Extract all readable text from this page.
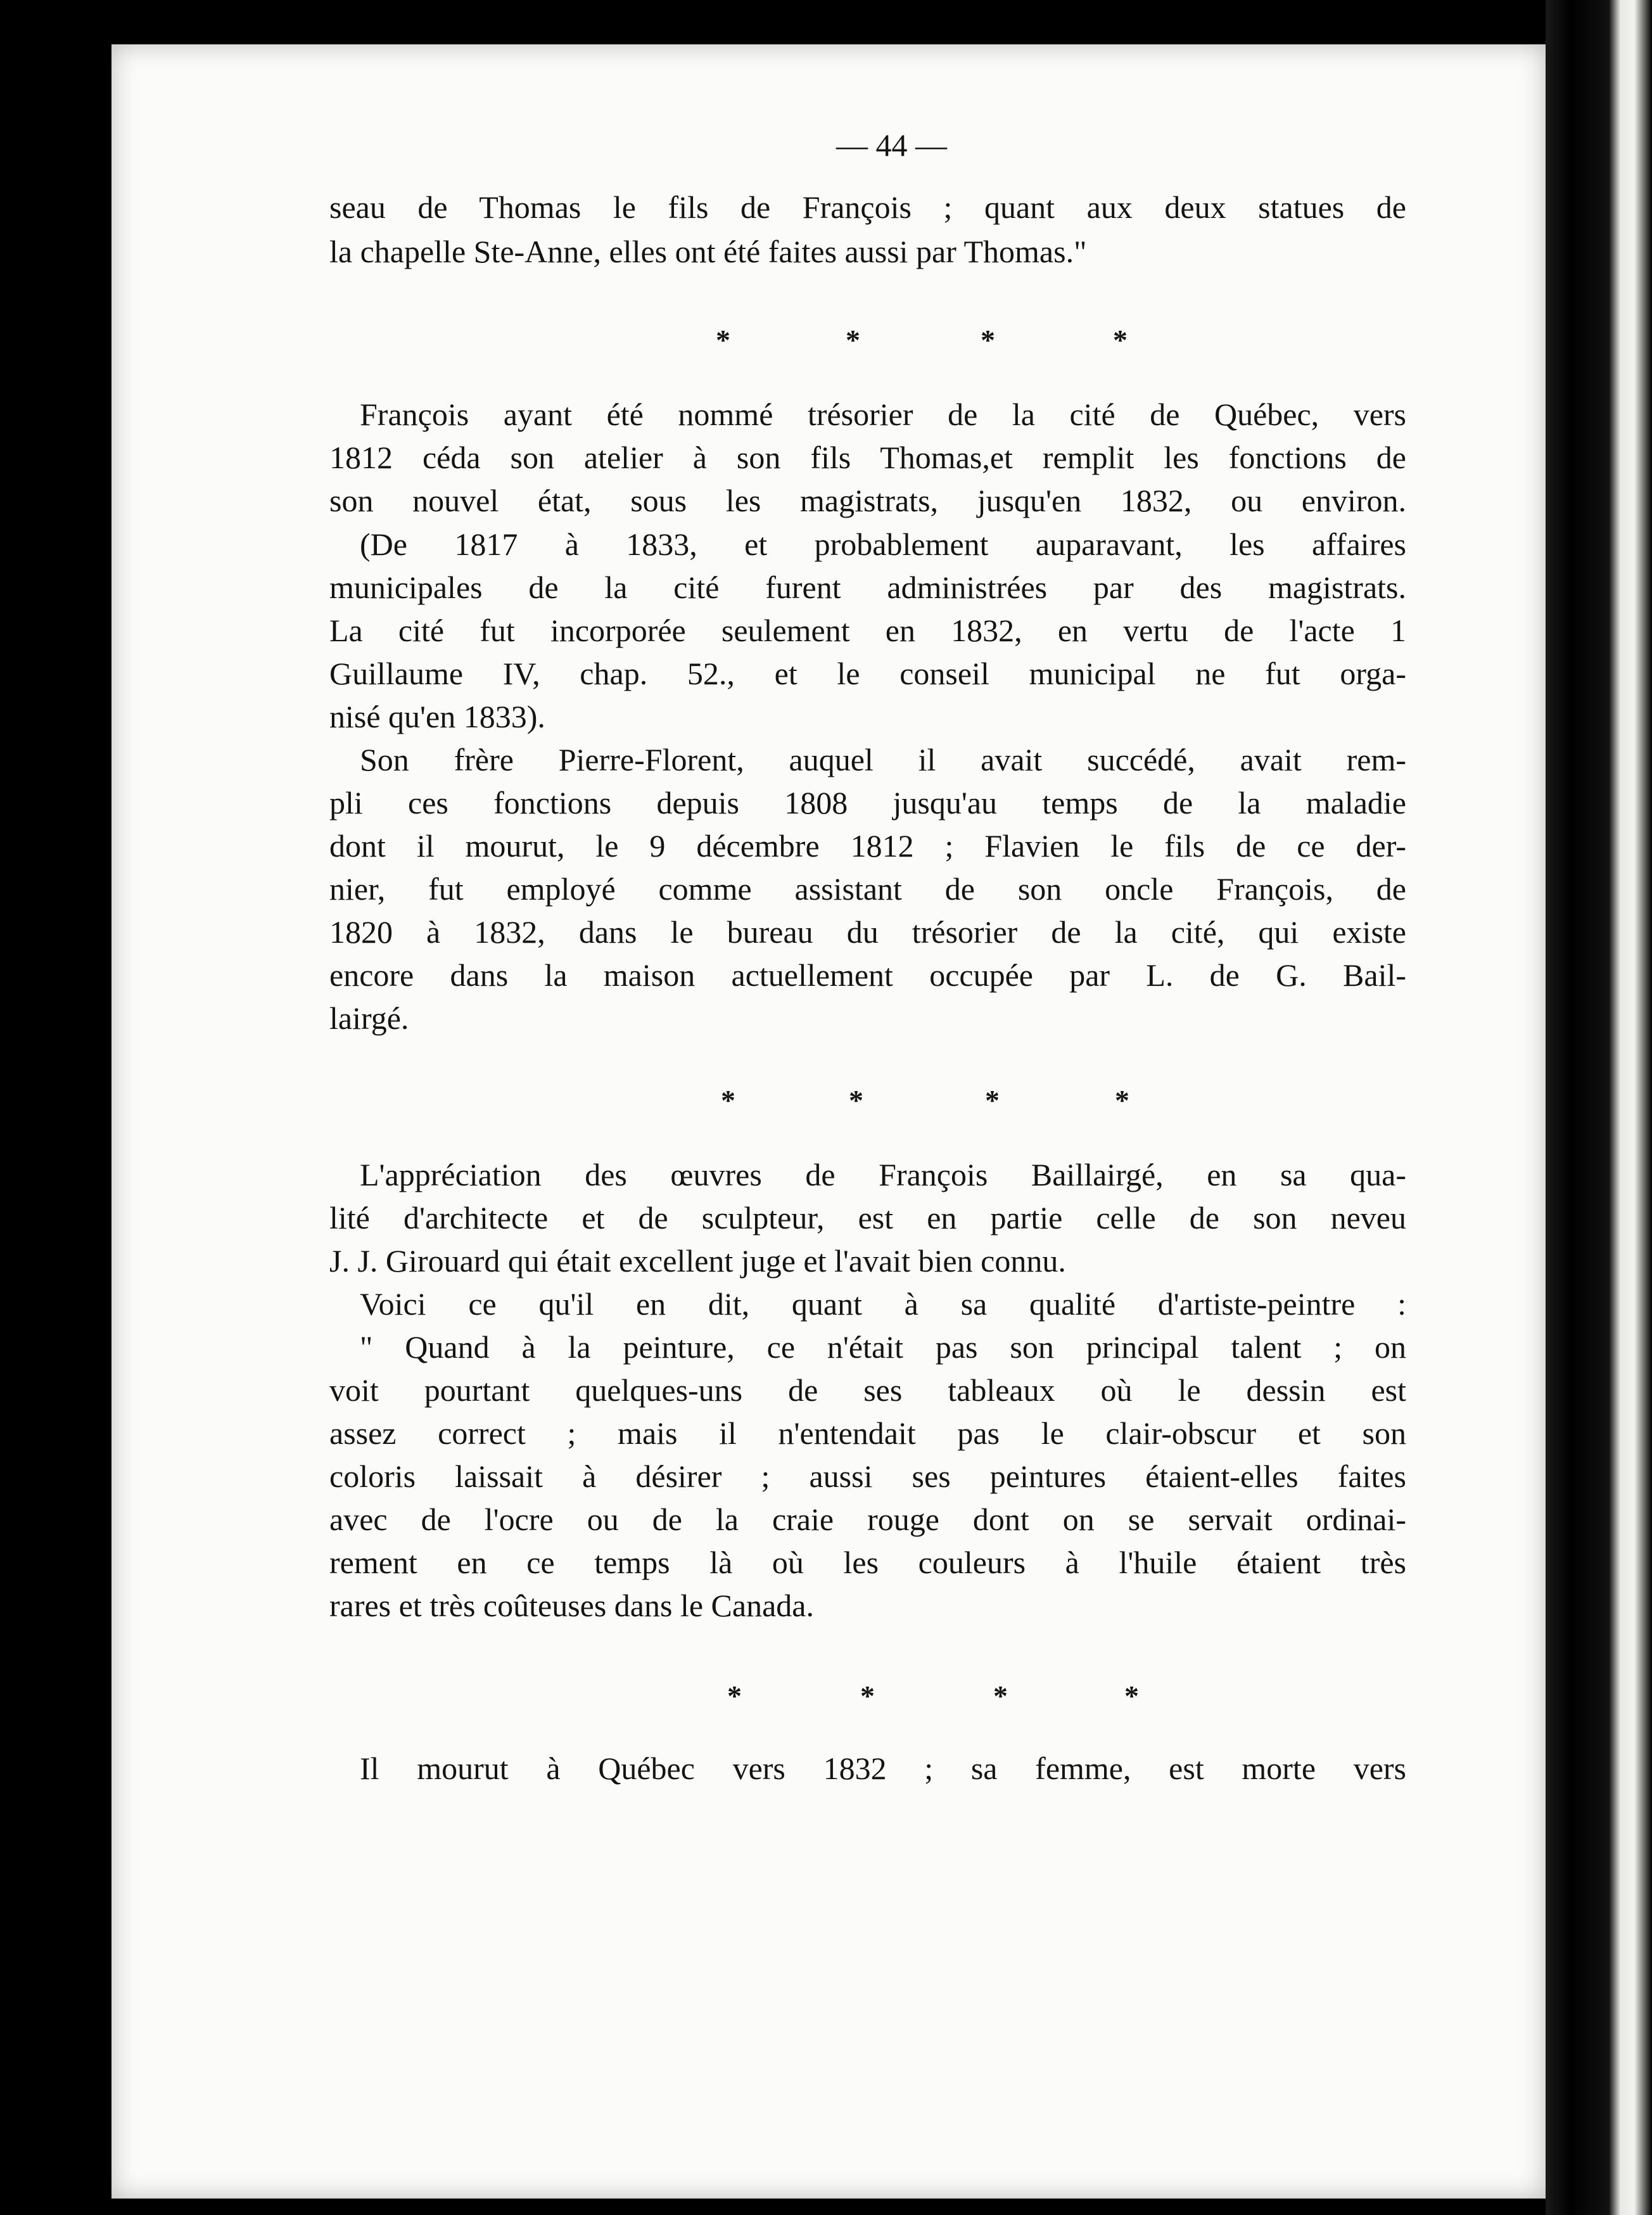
— 44 —
seau de Thomas le fils de François ; quant aux deux statues de
la chapelle Ste-Anne, elles ont été faites aussi par Thomas."
François ayant été nommé trésorier de la cité de Québec, vers
1812 céda son atelier à son fils Thomas,et remplit les fonctions de
son nouvel état, sous les magistrats, jusqu'en 1832, ou environ.
(De 1817 à 1833, et probablement auparavant, les affaires
municipales de la cité furent administrées par des magistrats.
La cité fut incorporée seulement en 1832, en vertu de l'acte 1
Guillaume IV, chap. 52., et le conseil municipal ne fut orga-
nisé qu'en 1833).
Son frère Pierre-Florent, auquel il avait succédé, avait rem-
pli ces fonctions depuis 1808 jusqu'au temps de la maladie
dont il mourut, le 9 décembre 1812 ; Flavien le fils de ce der-
nier, fut employé comme assistant de son oncle François, de
1820 à 1832, dans le bureau du trésorier de la cité, qui existe
encore dans la maison actuellement occupée par L. de G. Bail-
lairgé.
L'appréciation des œuvres de François Baillairgé, en sa qua-
lité d'architecte et de sculpteur, est en partie celle de son neveu
J. J. Girouard qui était excellent juge et l'avait bien connu.
Voici ce qu'il en dit, quant à sa qualité d'artiste-peintre :
" Quand à la peinture, ce n'était pas son principal talent ; on
voit pourtant quelques-uns de ses tableaux où le dessin est
assez correct ; mais il n'entendait pas le clair-obscur et son
coloris laissait à désirer ; aussi ses peintures étaient-elles faites
avec de l'ocre ou de la craie rouge dont on se servait ordinai-
rement en ce temps là où les couleurs à l'huile étaient très
rares et très coûteuses dans le Canada.
Il mourut à Québec vers 1832 ; sa femme, est morte vers
*	*	*	*
*	*	*	*
*	*	*	*
